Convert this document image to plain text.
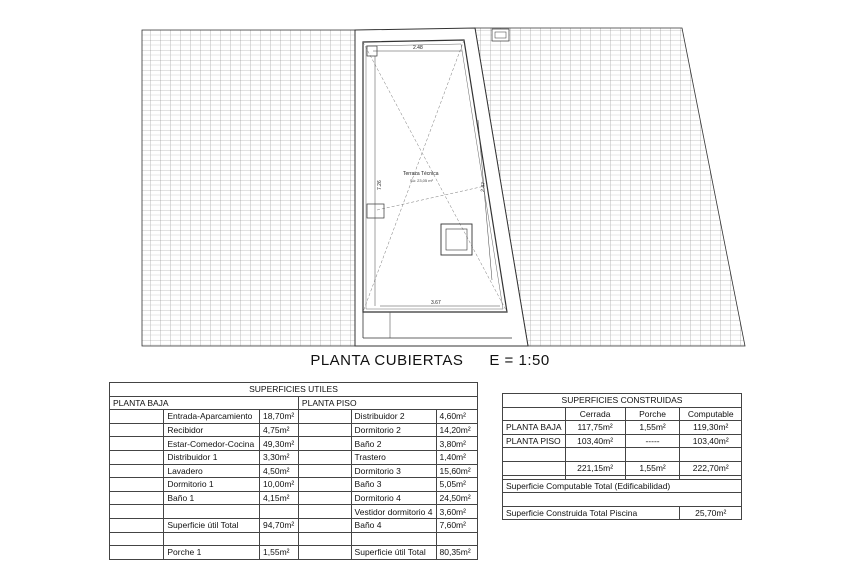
2.48
3.67
7.26	2.47
Terraza Técnica
Sú: 23,05 m²
PLANTA CUBIERTAS E = 1:50
SUPERFICIES UTILES					
PLANTA BAJA			PLANTA PISO		
	Entrada-Aparcamiento	18,70m²		Distribuidor 2	4,60m²
	Recibidor	4,75m²		Dormitorio 2	14,20m²
	Estar-Comedor-Cocina	49,30m²		Baño 2	3,80m²
	Distribuidor 1	3,30m²		Trastero	1,40m²
	Lavadero	4,50m²		Dormitorio 3	15,60m²
	Dormitorio 1	10,00m²		Baño 3	5,05m²
	Baño 1	4,15m²		Dormitorio 4	24,50m²
				Vestidor dormitorio 4	3,60m²
	Superficie útil Total	94,70m²		Baño 4	7,60m²

	Porche 1	1,55m²		Superficie útil Total	80,35m²
SUPERFICIES CONSTRUIDAS			
	Cerrada	Porche	Computable
PLANTA BAJA	117,75m²	1,55m²	119,30m²
PLANTA PISO	103,40m²	-----	103,40m²

	221,15m²	1,55m²	222,70m²

Superficie Computable Total (Edificabilidad)			

Superficie Construida Total Piscina			25,70m²
